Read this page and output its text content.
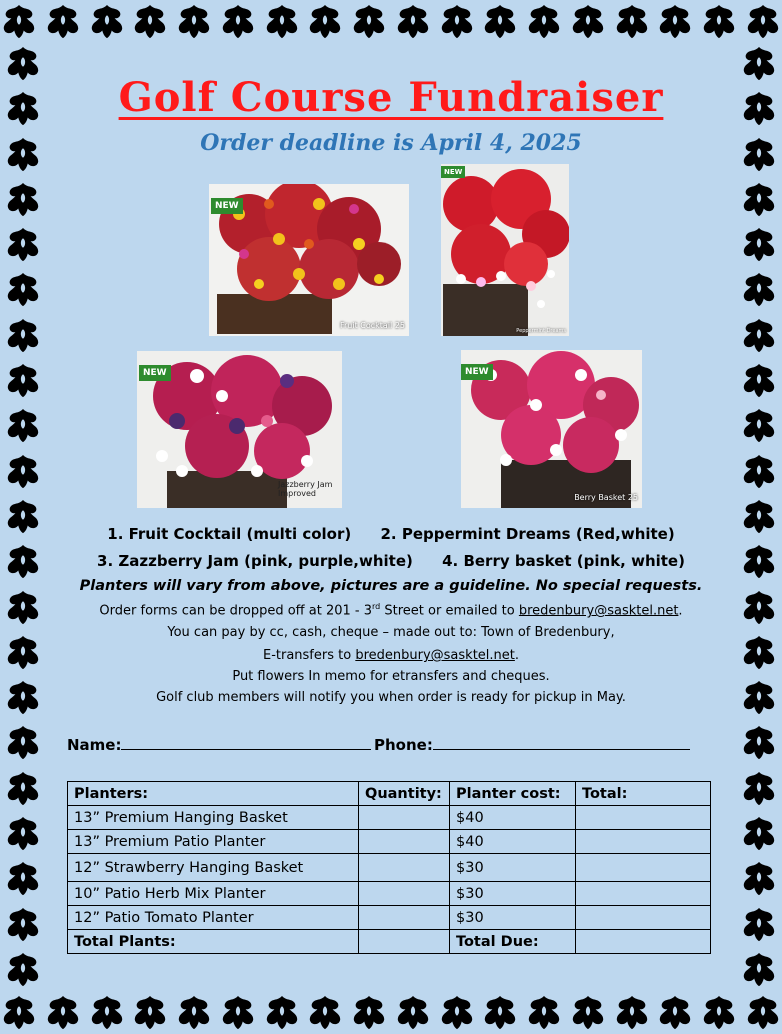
Golf Course Fundraiser
Order deadline is April 4, 2025
NEW
Fruit Cocktail 25
NEW
Peppermint Dreams
NEW
Jazzberry Jam Improved
NEW
Berry Basket 25
1. Fruit Cocktail (multi color) 2. Peppermint Dreams (Red,white)
3. Zazzberry Jam (pink, purple,white) 4. Berry basket (pink, white)
Planters will vary from above, pictures are a guideline. No special requests.
Order forms can be dropped off at 201 - 3rd Street or emailed to bredenbury@sasktel.net.
You can pay by cc, cash, cheque – made out to: Town of Bredenbury,
E-transfers to bredenbury@sasktel.net.
Put flowers In memo for etransfers and cheques.
Golf club members will notify you when order is ready for pickup in May.
Name:	Phone:
Planters:	Quantity:	Planter cost:	Total:
13” Premium Hanging Basket		$40	
13” Premium Patio Planter		$40	
12” Strawberry Hanging Basket		$30	
10” Patio Herb Mix Planter		$30	
12” Patio Tomato Planter		$30	
Total Plants:		Total Due:	
